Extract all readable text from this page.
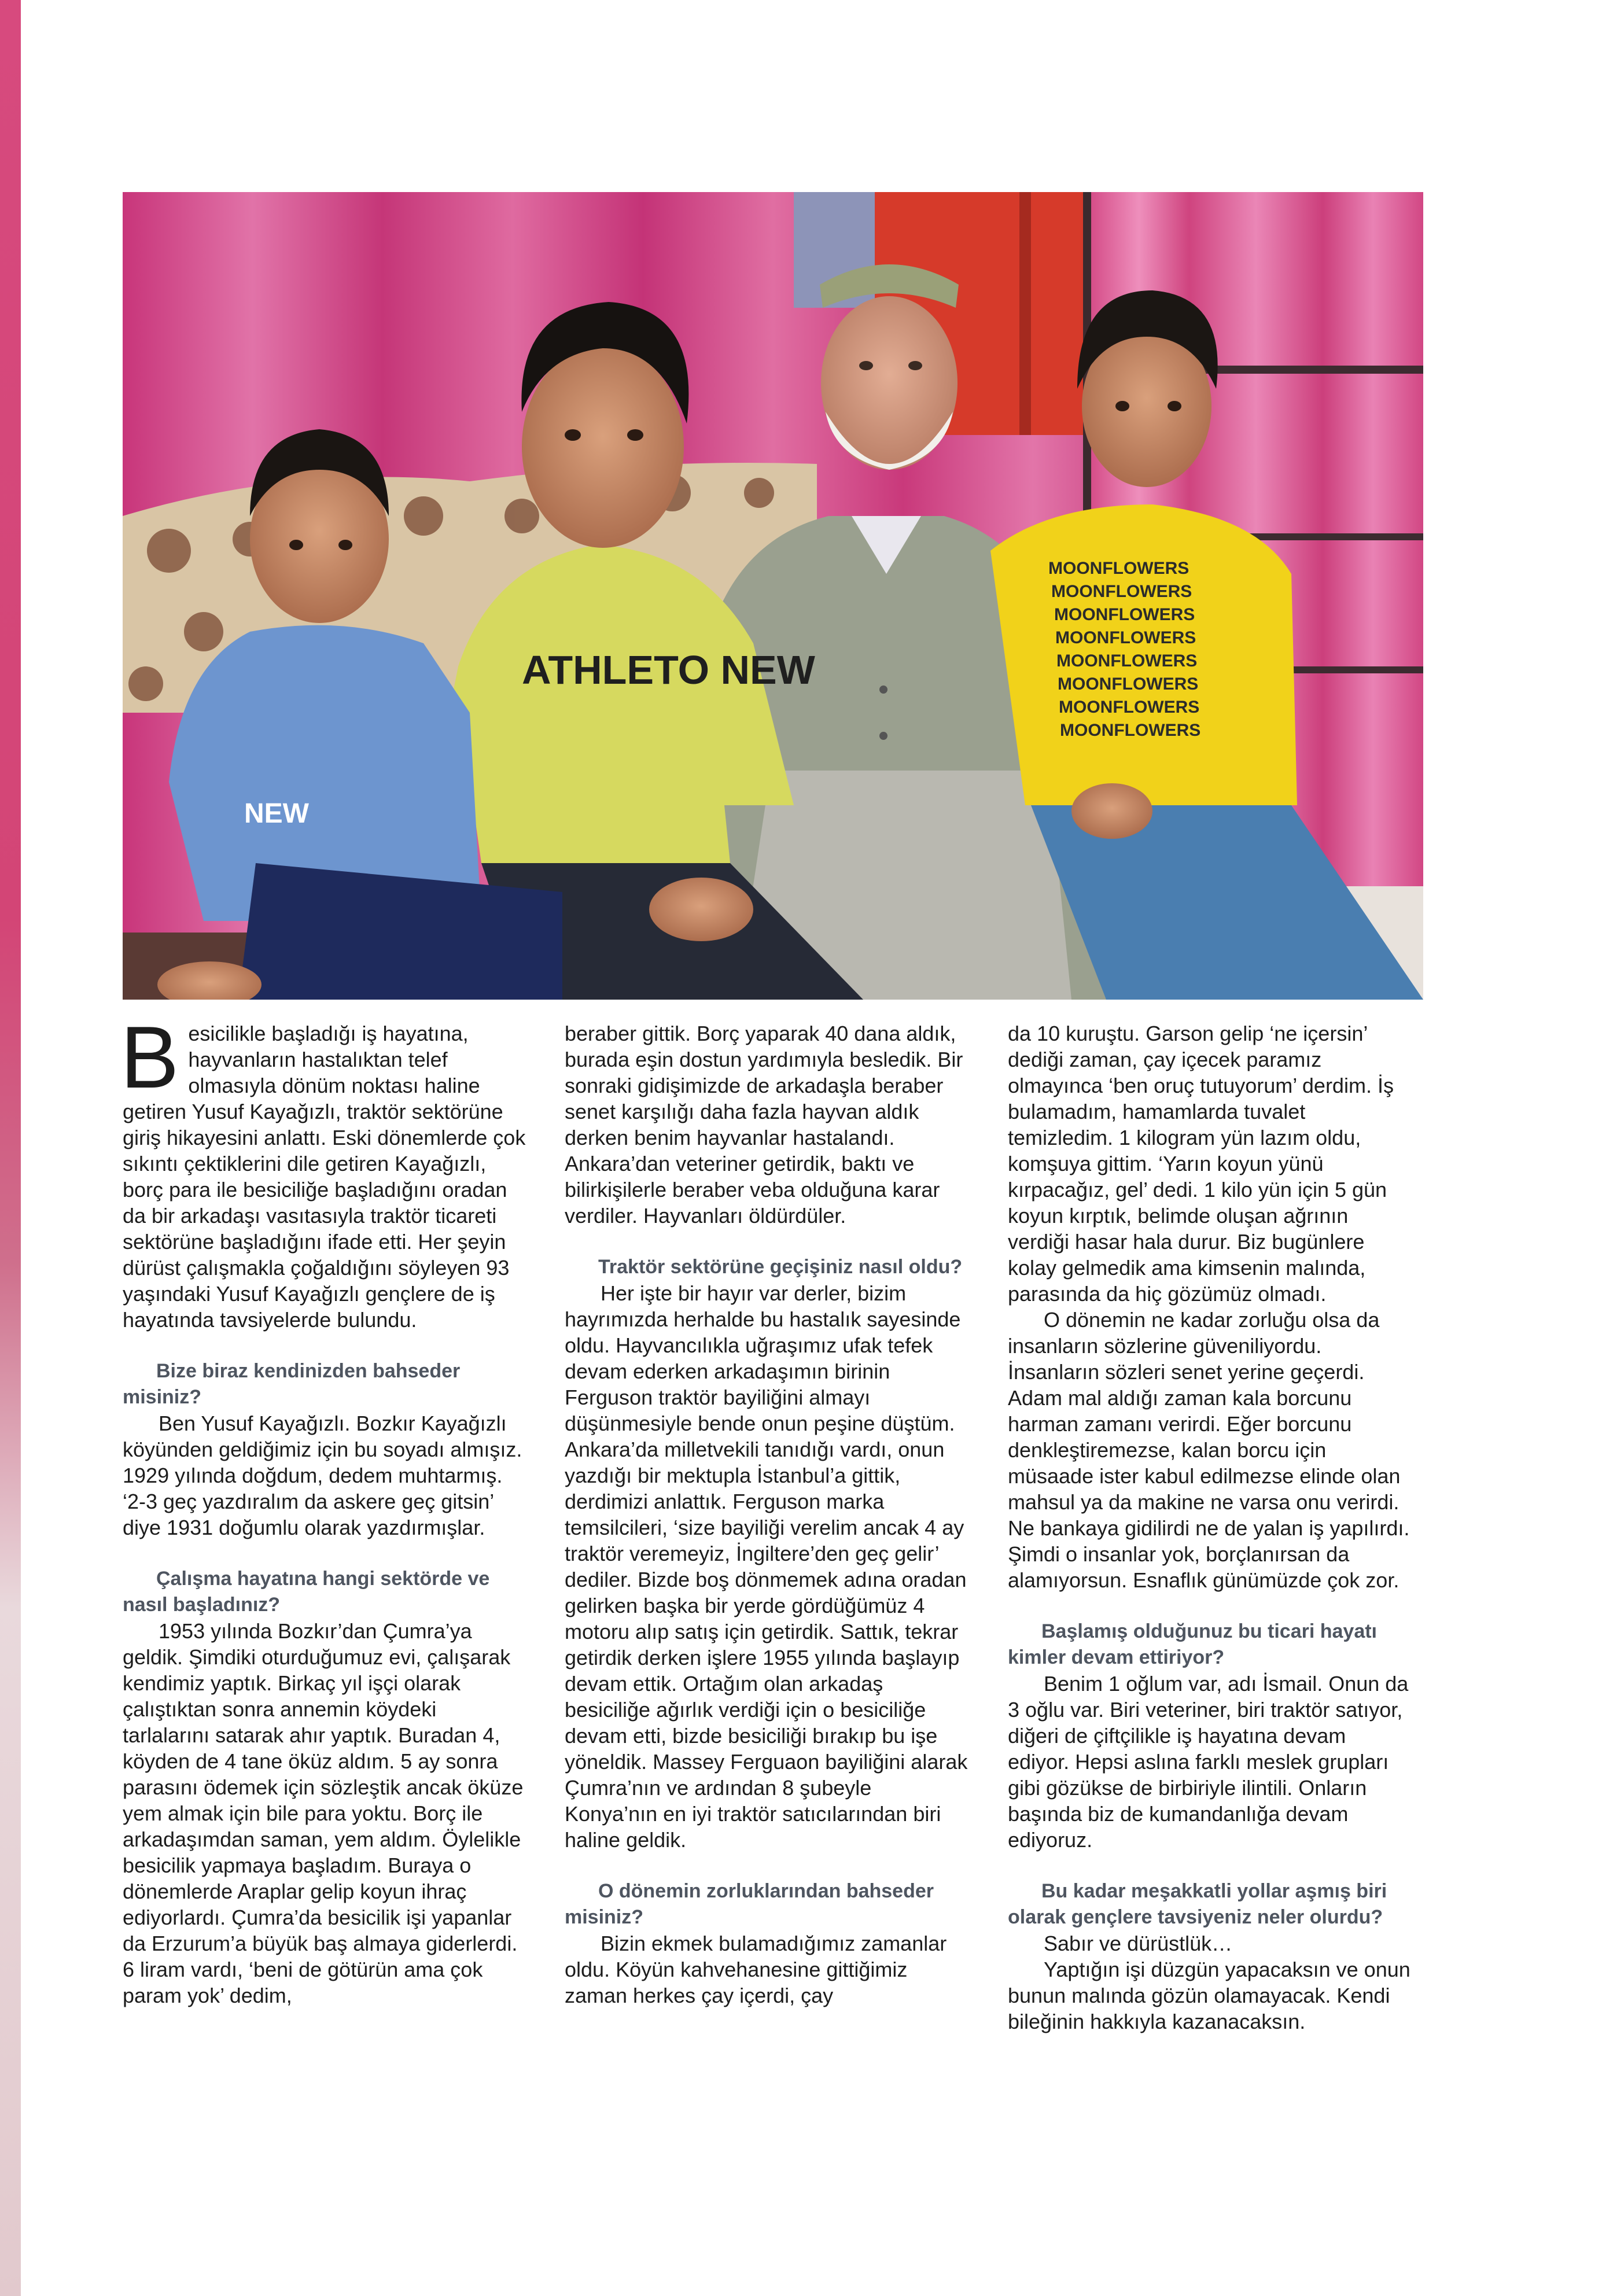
MOONFLOWERS
MOONFLOWERS
MOONFLOWERS
MOONFLOWERS
MOONFLOWERS
MOONFLOWERS
MOONFLOWERS
MOONFLOWERS
ATHLETO NEW
NEW

Besicilikle başladığı iş hayatına, hayvanların hastalıktan telef olmasıyla dönüm noktası haline getiren Yusuf Kayağızlı, traktör sektörüne giriş hikayesini anlattı. Eski dönemlerde çok sıkıntı çektiklerini dile getiren Kayağızlı, borç para ile besiciliğe başladığını oradan da bir arkadaşı vasıtasıyla traktör ticareti sektörüne başladığını ifade etti. Her şeyin dürüst çalışmakla çoğaldığını söyleyen 93 yaşındaki Yusuf Kayağızlı gençlere de iş hayatında tavsiyelerde bulundu.

Bize biraz kendinizden bahseder misiniz?

Ben Yusuf Kayağızlı. Bozkır Kayağızlı köyünden geldiğimiz için bu soyadı almışız. 1929 yılında doğdum, dedem muhtarmış. ‘2-3 geç yazdıralım da askere geç gitsin’ diye 1931 doğumlu olarak yazdırmışlar.

Çalışma hayatına hangi sektörde ve nasıl başladınız?

1953 yılında Bozkır’dan Çumra’ya geldik. Şimdiki oturduğumuz evi, çalışarak kendimiz yaptık. Birkaç yıl işçi olarak çalıştıktan sonra annemin köydeki tarlalarını satarak ahır yaptık. Buradan 4, köyden de 4 tane öküz aldım. 5 ay sonra parasını ödemek için sözleştik ancak öküze yem almak için bile para yoktu. Borç ile arkadaşımdan saman, yem aldım. Öylelikle besicilik yapmaya başladım. Buraya o dönemlerde Araplar gelip koyun ihraç ediyorlardı. Çumra’da besicilik işi yapanlar da Erzurum’a büyük baş almaya giderlerdi. 6 liram vardı, ‘beni de götürün ama çok param yok’ dedim,

beraber gittik. Borç yaparak 40 dana aldık, burada eşin dostun yardımıyla besledik. Bir sonraki gidişimizde de arkadaşla beraber senet karşılığı daha fazla hayvan aldık derken benim hayvanlar hastalandı. Ankara’dan veteriner getirdik, baktı ve bilirkişilerle beraber veba olduğuna karar verdiler. Hayvanları öldürdüler.

Traktör sektörüne geçişiniz nasıl oldu?

Her işte bir hayır var derler, bizim hayrımızda herhalde bu hastalık sayesinde oldu. Hayvancılıkla uğraşımız ufak tefek devam ederken arkadaşımın birinin Ferguson traktör bayiliğini almayı düşünmesiyle bende onun peşine düştüm. Ankara’da milletvekili tanıdığı vardı, onun yazdığı bir mektupla İstanbul’a gittik, derdimizi anlattık. Ferguson marka temsilcileri, ‘size bayiliği verelim ancak 4 ay traktör veremeyiz, İngiltere’den geç gelir’ dediler. Bizde boş dönmemek adına oradan gelirken başka bir yerde gördüğümüz 4 motoru alıp satış için getirdik. Sattık, tekrar getirdik derken işlere 1955 yılında başlayıp devam ettik. Ortağım olan arkadaş besiciliğe ağırlık verdiği için o besiciliğe devam etti, bizde besiciliği bırakıp bu işe yöneldik. Massey Ferguaon bayiliğini alarak Çumra’nın ve ardından 8 şubeyle Konya’nın en iyi traktör satıcılarından biri haline geldik.

O dönemin zorluklarından bahseder misiniz?

Bizin ekmek bulamadığımız zamanlar oldu. Köyün kahvehanesine gittiğimiz zaman herkes çay içerdi, çay

da 10 kuruştu. Garson gelip ‘ne içersin’ dediği zaman, çay içecek paramız olmayınca ‘ben oruç tutuyorum’ derdim. İş bulamadım, hamamlarda tuvalet temizledim. 1 kilogram yün lazım oldu, komşuya gittim. ‘Yarın koyun yünü kırpacağız, gel’ dedi. 1 kilo yün için 5 gün koyun kırptık, belimde oluşan ağrının verdiği hasar hala durur. Biz bugünlere kolay gelmedik ama kimsenin malında, parasında da hiç gözümüz olmadı.

O dönemin ne kadar zorluğu olsa da insanların sözlerine güveniliyordu. İnsanların sözleri senet yerine geçerdi. Adam mal aldığı zaman kala borcunu harman zamanı verirdi. Eğer borcunu denkleştiremezse, kalan borcu için müsaade ister kabul edilmezse elinde olan mahsul ya da makine ne varsa onu verirdi. Ne bankaya gidilirdi ne de yalan iş yapılırdı. Şimdi o insanlar yok, borçlanırsan da alamıyorsun. Esnaflık günümüzde çok zor.

Başlamış olduğunuz bu ticari hayatı kimler devam ettiriyor?

Benim 1 oğlum var, adı İsmail. Onun da 3 oğlu var. Biri veteriner, biri traktör satıyor, diğeri de çiftçilikle iş hayatına devam ediyor. Hepsi aslına farklı meslek grupları gibi gözükse de birbiriyle ilintili. Onların başında biz de kumandanlığa devam ediyoruz.

Bu kadar meşakkatli yollar aşmış biri olarak gençlere tavsiyeniz neler olurdu?

Sabır ve dürüstlük…

Yaptığın işi düzgün yapacaksın ve onun bunun malında gözün olamayacak. Kendi bileğinin hakkıyla kazanacaksın.
